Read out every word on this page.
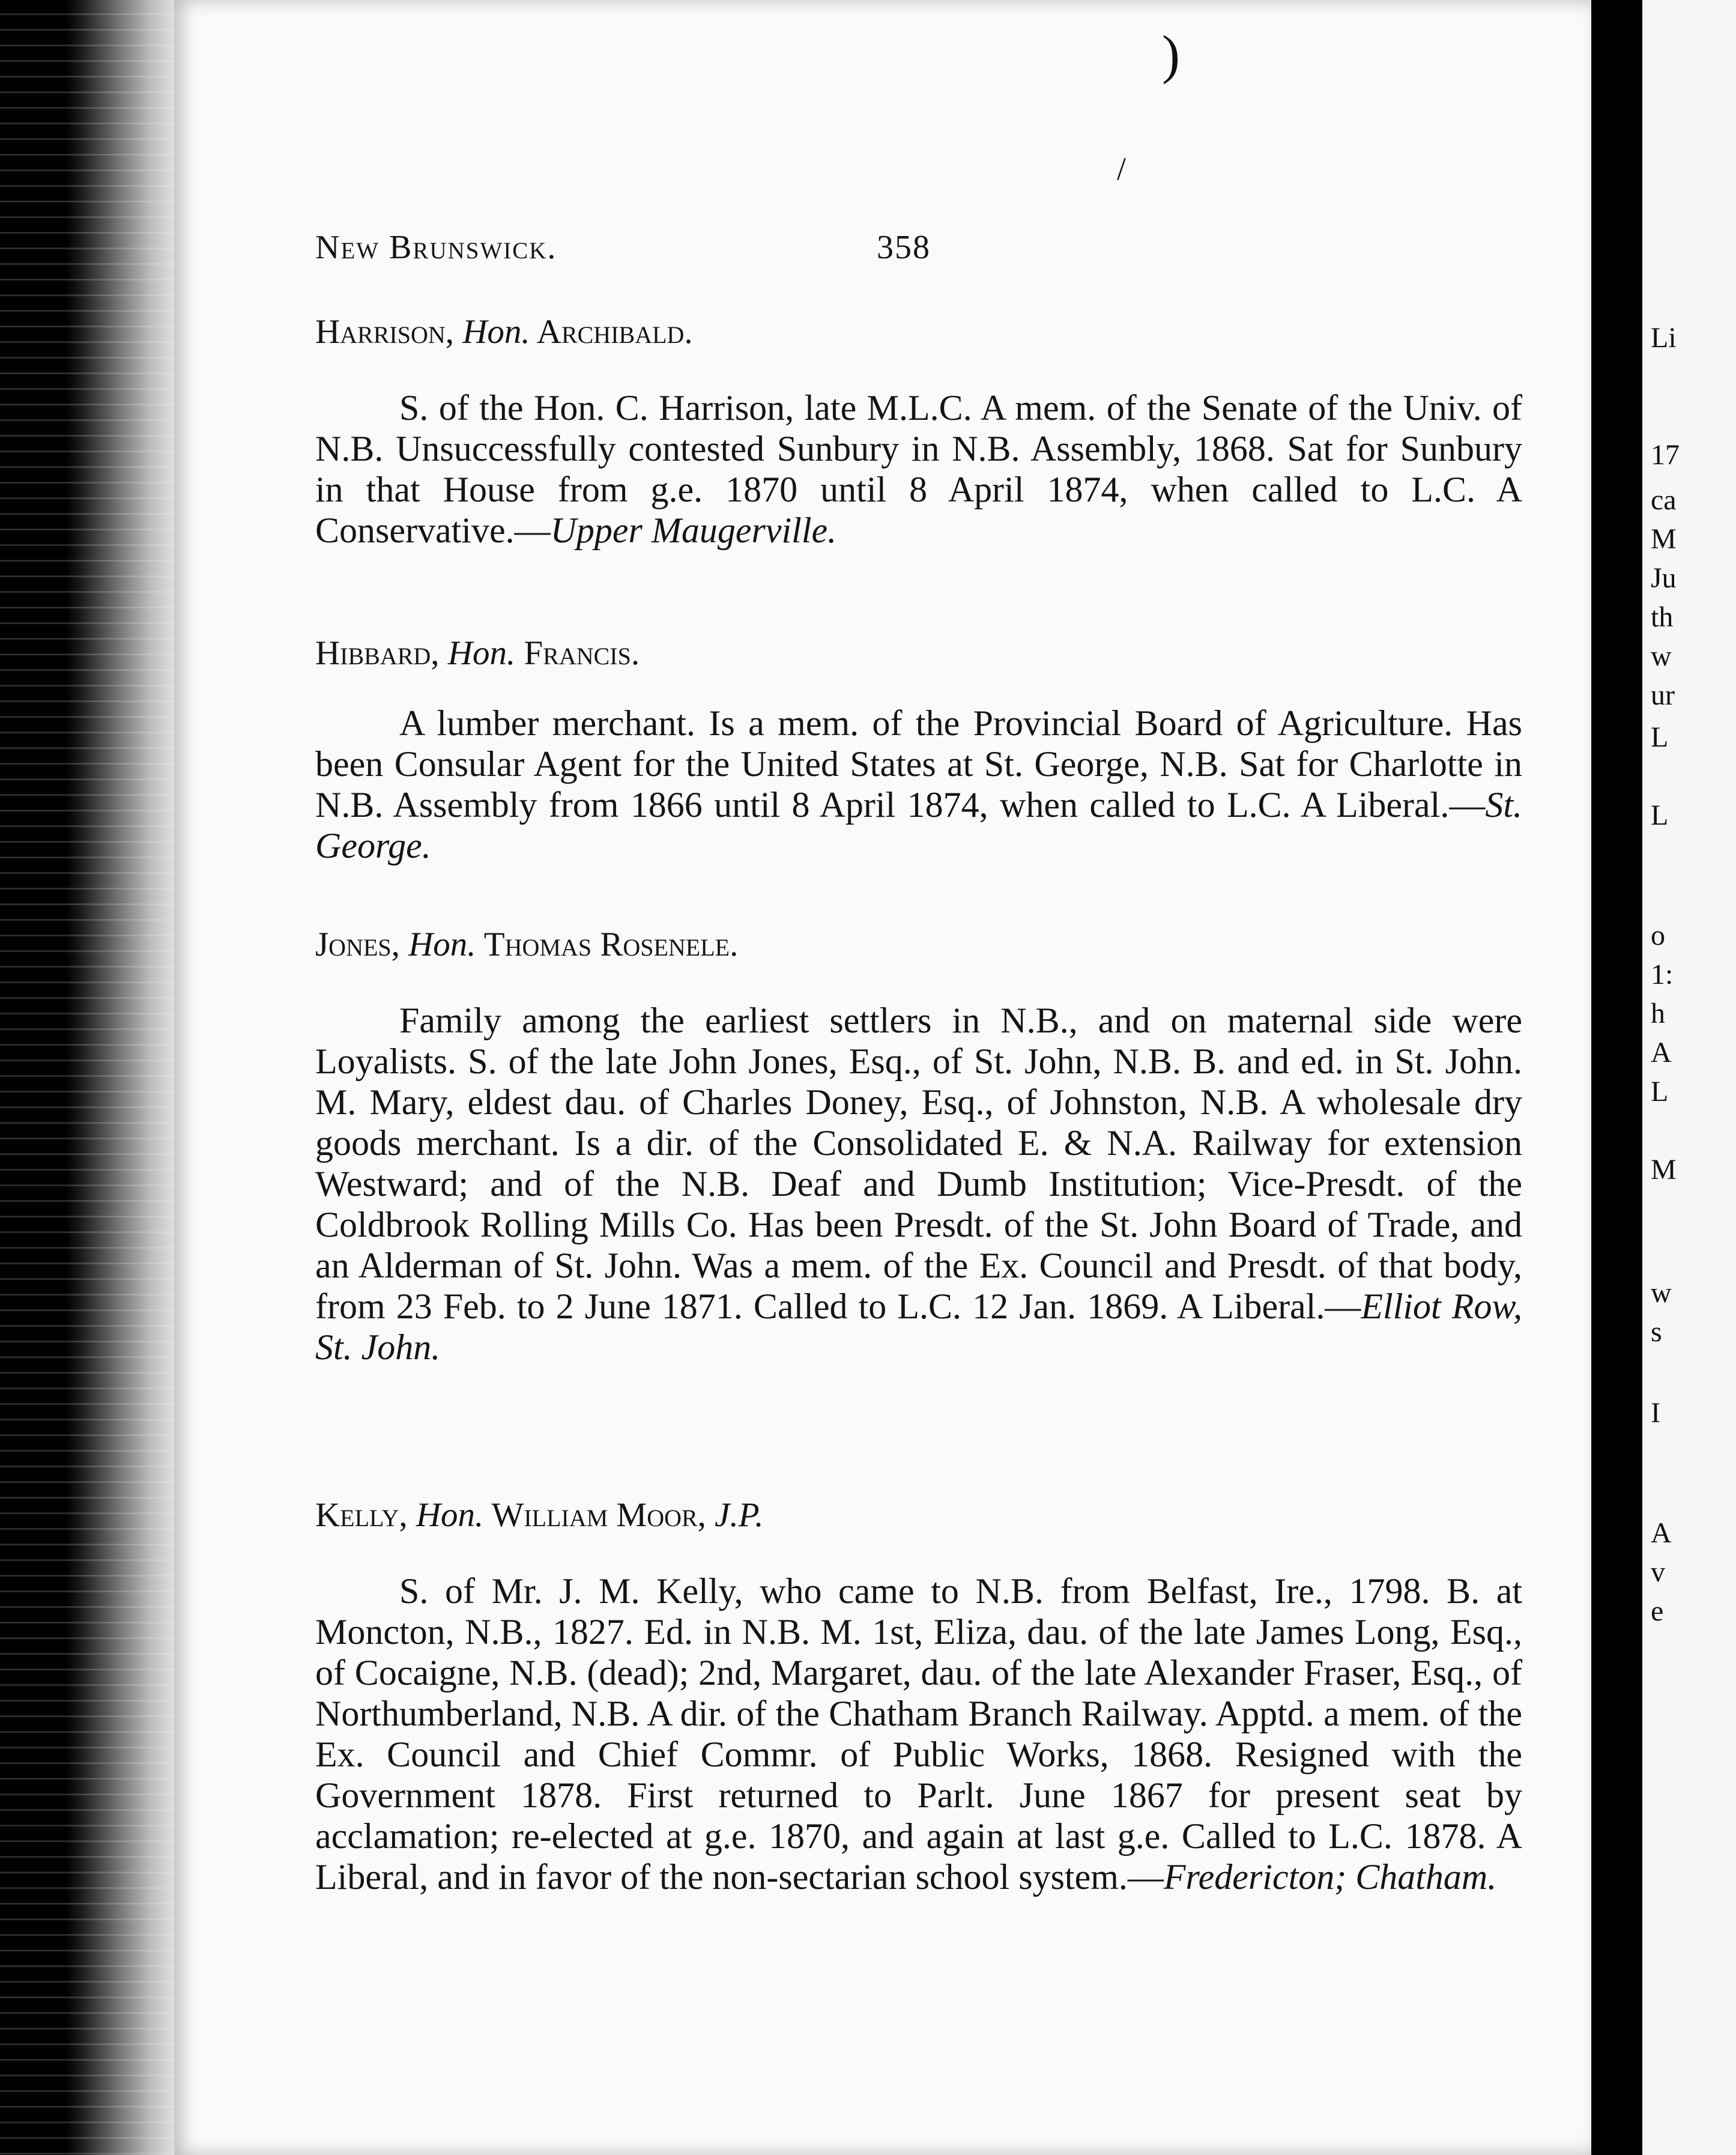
Li
17
ca
M
Ju
th
w
ur
L
L
o
1:
h
A
L
M
w
s
I
A
v
e
)
/
New Brunswick.	358
Harrison, Hon. Archibald.

S. of the Hon. C. Harrison, late M.L.C. A mem. of the Senate of the Univ. of N.B. Unsuccessfully contested Sunbury in N.B. Assembly, 1868. Sat for Sunbury in that House from g.e. 1870 until 8 April 1874, when called to L.C. A Conservative.—Upper Maugerville.

Hibbard, Hon. Francis.

A lumber merchant. Is a mem. of the Provincial Board of Agriculture. Has been Consular Agent for the United States at St. George, N.B. Sat for Charlotte in N.B. Assembly from 1866 until 8 April 1874, when called to L.C. A Liberal.—St. George.

Jones, Hon. Thomas Rosenele.

Family among the earliest settlers in N.B., and on maternal side were Loyalists. S. of the late John Jones, Esq., of St. John, N.B. B. and ed. in St. John. M. Mary, eldest dau. of Charles Doney, Esq., of Johnston, N.B. A wholesale dry goods merchant. Is a dir. of the Consolidated E. & N.A. Railway for extension Westward; and of the N.B. Deaf and Dumb Institution; Vice-Presdt. of the Coldbrook Rolling Mills Co. Has been Presdt. of the St. John Board of Trade, and an Alderman of St. John. Was a mem. of the Ex. Council and Presdt. of that body, from 23 Feb. to 2 June 1871. Called to L.C. 12 Jan. 1869. A Liberal.—Elliot Row, St. John.

Kelly, Hon. William Moor, J.P.

S. of Mr. J. M. Kelly, who came to N.B. from Belfast, Ire., 1798. B. at Moncton, N.B., 1827. Ed. in N.B. M. 1st, Eliza, dau. of the late James Long, Esq., of Cocaigne, N.B. (dead); 2nd, Margaret, dau. of the late Alexander Fraser, Esq., of Northumberland, N.B. A dir. of the Chatham Branch Railway. Apptd. a mem. of the Ex. Council and Chief Commr. of Public Works, 1868. Resigned with the Government 1878. First returned to Parlt. June 1867 for present seat by acclamation; re-elected at g.e. 1870, and again at last g.e. Called to L.C. 1878. A Liberal, and in favor of the non-sectarian school system.—Fredericton; Chatham.
